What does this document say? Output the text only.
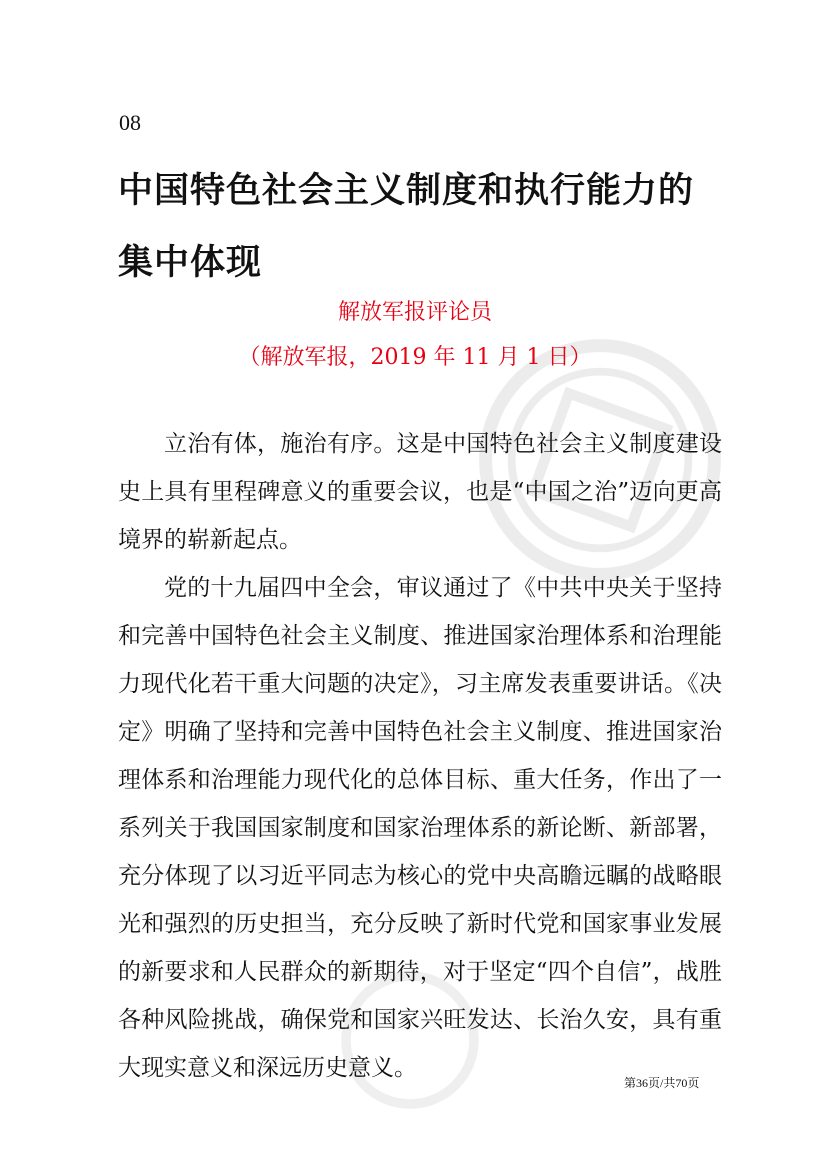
08
中国特色社会主义制度和执行能力的集中体现
解放军报评论员
（解放军报，2019 年 11 月 1 日）

立治有体，施治有序。这是中国特色社会主义制度建设史上具有里程碑意义的重要会议，也是“中国之治”迈向更高境界的崭新起点。

党的十九届四中全会，审议通过了《中共中央关于坚持和完善中国特色社会主义制度、推进国家治理体系和治理能力现代化若干重大问题的决定》，习主席发表重要讲话。《决定》明确了坚持和完善中国特色社会主义制度、推进国家治理体系和治理能力现代化的总体目标、重大任务，作出了一系列关于我国国家制度和国家治理体系的新论断、新部署，充分体现了以习近平同志为核心的党中央高瞻远瞩的战略眼光和强烈的历史担当，充分反映了新时代党和国家事业发展的新要求和人民群众的新期待，对于坚定“四个自信”，战胜各种风险挑战，确保党和国家兴旺发达、长治久安，具有重大现实意义和深远历史意义。

第36页/共70页
